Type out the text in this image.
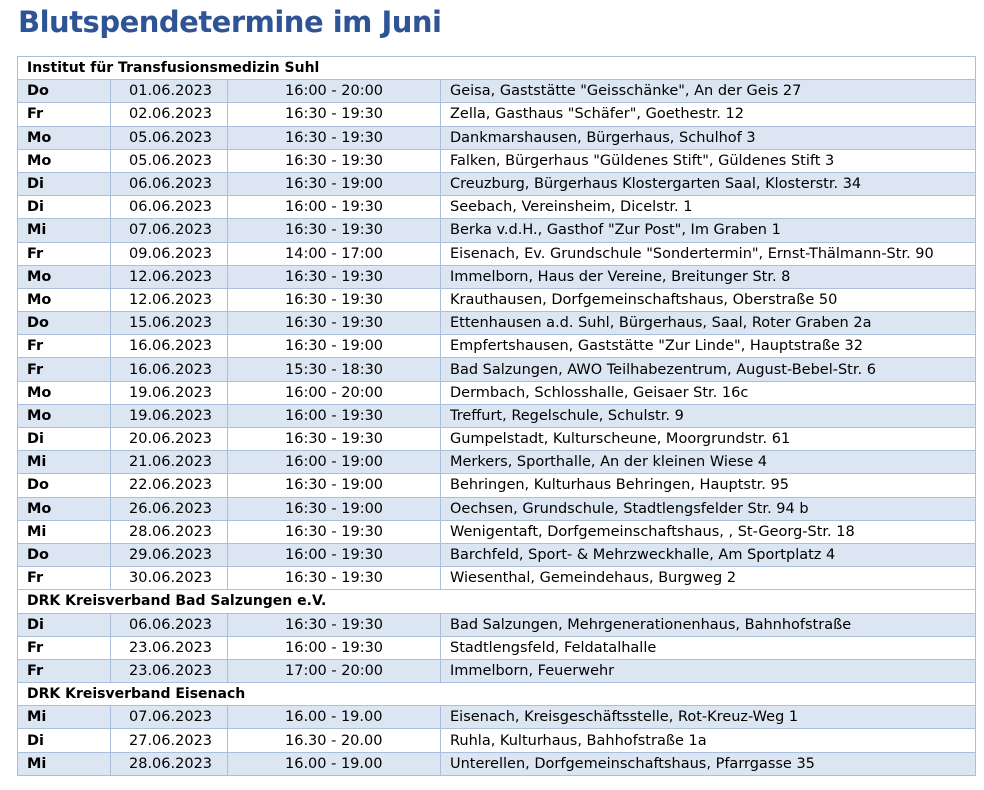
Blutspendetermine im Juni
Institut für Transfusionsmedizin Suhl			
Do	01.06.2023	16:00 - 20:00	Geisa, Gaststätte "Geisschänke", An der Geis 27
Fr	02.06.2023	16:30 - 19:30	Zella, Gasthaus "Schäfer", Goethestr. 12
Mo	05.06.2023	16:30 - 19:30	Dankmarshausen, Bürgerhaus, Schulhof 3
Mo	05.06.2023	16:30 - 19:30	Falken, Bürgerhaus "Güldenes Stift", Güldenes Stift 3
Di	06.06.2023	16:30 - 19:00	Creuzburg, Bürgerhaus Klostergarten Saal, Klosterstr. 34
Di	06.06.2023	16:00 - 19:30	Seebach, Vereinsheim, Dicelstr. 1
Mi	07.06.2023	16:30 - 19:30	Berka v.d.H., Gasthof "Zur Post", Im Graben 1
Fr	09.06.2023	14:00 - 17:00	Eisenach, Ev. Grundschule "Sondertermin", Ernst-Thälmann-Str. 90
Mo	12.06.2023	16:30 - 19:30	Immelborn, Haus der Vereine, Breitunger Str. 8
Mo	12.06.2023	16:30 - 19:30	Krauthausen, Dorfgemeinschaftshaus, Oberstraße 50
Do	15.06.2023	16:30 - 19:30	Ettenhausen a.d. Suhl, Bürgerhaus, Saal, Roter Graben 2a
Fr	16.06.2023	16:30 - 19:00	Empfertshausen, Gaststätte "Zur Linde", Hauptstraße 32
Fr	16.06.2023	15:30 - 18:30	Bad Salzungen, AWO Teilhabezentrum, August-Bebel-Str. 6
Mo	19.06.2023	16:00 - 20:00	Dermbach, Schlosshalle, Geisaer Str. 16c
Mo	19.06.2023	16:00 - 19:30	Treffurt, Regelschule, Schulstr. 9
Di	20.06.2023	16:30 - 19:30	Gumpelstadt, Kulturscheune, Moorgrundstr. 61
Mi	21.06.2023	16:00 - 19:00	Merkers, Sporthalle, An der kleinen Wiese 4
Do	22.06.2023	16:30 - 19:00	Behringen, Kulturhaus Behringen, Hauptstr. 95
Mo	26.06.2023	16:30 - 19:00	Oechsen, Grundschule, Stadtlengsfelder Str. 94 b
Mi	28.06.2023	16:30 - 19:30	Wenigentaft, Dorfgemeinschaftshaus, , St-Georg-Str. 18
Do	29.06.2023	16:00 - 19:30	Barchfeld, Sport- & Mehrzweckhalle, Am Sportplatz 4
Fr	30.06.2023	16:30 - 19:30	Wiesenthal, Gemeindehaus, Burgweg 2
DRK Kreisverband Bad Salzungen e.V.			
Di	06.06.2023	16:30 - 19:30	Bad Salzungen, Mehrgenerationenhaus, Bahnhofstraße
Fr	23.06.2023	16:00 - 19:30	Stadtlengsfeld, Feldatalhalle
Fr	23.06.2023	17:00 - 20:00	Immelborn, Feuerwehr
DRK Kreisverband Eisenach			
Mi	07.06.2023	16.00 - 19.00	Eisenach, Kreisgeschäftsstelle, Rot-Kreuz-Weg 1
Di	27.06.2023	16.30 - 20.00	Ruhla, Kulturhaus, Bahhofstraße 1a
Mi	28.06.2023	16.00 - 19.00	Unterellen, Dorfgemeinschaftshaus, Pfarrgasse 35
